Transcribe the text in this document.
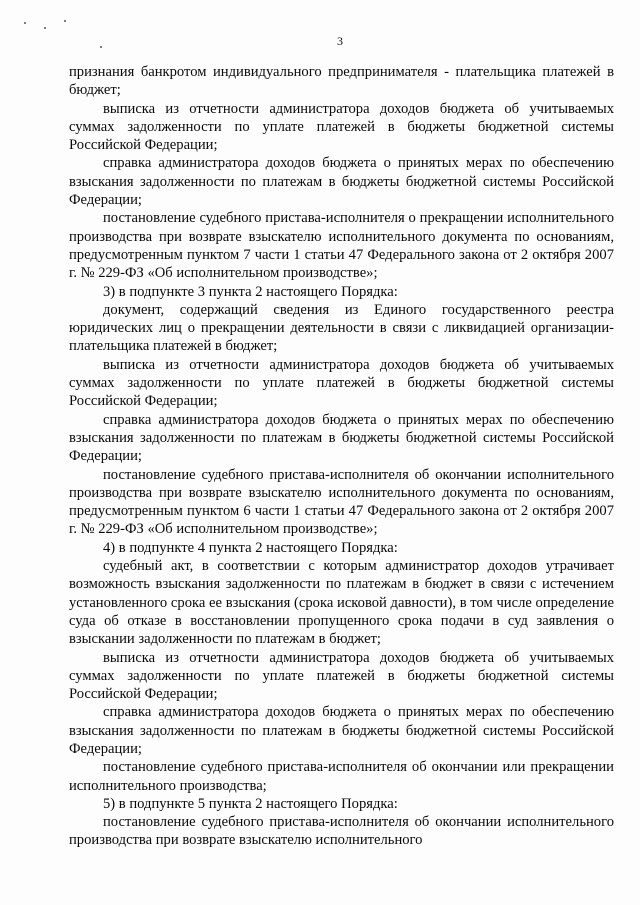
3

признания банкротом индивидуального предпринимателя - плательщика платежей в бюджет;

выписка из отчетности администратора доходов бюджета об учитываемых суммах задолженности по уплате платежей в бюджеты бюджетной системы Российской Федерации;

справка администратора доходов бюджета о принятых мерах по обеспечению взыскания задолженности по платежам в бюджеты бюджетной системы Российской Федерации;

постановление судебного пристава-исполнителя о прекращении исполнительного производства при возврате взыскателю исполнительного документа по основаниям, предусмотренным пунктом 7 части 1 статьи 47 Федерального закона от 2 октября 2007 г. № 229-ФЗ «Об исполнительном производстве»;

3) в подпункте 3 пункта 2 настоящего Порядка:

документ, содержащий сведения из Единого государственного реестра юридических лиц о прекращении деятельности в связи с ликвидацией организации-плательщика платежей в бюджет;

выписка из отчетности администратора доходов бюджета об учитываемых суммах задолженности по уплате платежей в бюджеты бюджетной системы Российской Федерации;

справка администратора доходов бюджета о принятых мерах по обеспечению взыскания задолженности по платежам в бюджеты бюджетной системы Российской Федерации;

постановление судебного пристава-исполнителя об окончании исполнительного производства при возврате взыскателю исполнительного документа по основаниям, предусмотренным пунктом 6 части 1 статьи 47 Федерального закона от 2 октября 2007 г. № 229-ФЗ «Об исполнительном производстве»;

4) в подпункте 4 пункта 2 настоящего Порядка:

судебный акт, в соответствии с которым администратор доходов утрачивает возможность взыскания задолженности по платежам в бюджет в связи с истечением установленного срока ее взыскания (срока исковой давности), в том числе определение суда об отказе в восстановлении пропущенного срока подачи в суд заявления о взыскании задолженности по платежам в бюджет;

выписка из отчетности администратора доходов бюджета об учитываемых суммах задолженности по уплате платежей в бюджеты бюджетной системы Российской Федерации;

справка администратора доходов бюджета о принятых мерах по обеспечению взыскания задолженности по платежам в бюджеты бюджетной системы Российской Федерации;

постановление судебного пристава-исполнителя об окончании или прекращении исполнительного производства;

5) в подпункте 5 пункта 2 настоящего Порядка:

постановление судебного пристава-исполнителя об окончании исполнительного производства при возврате взыскателю исполнительного
